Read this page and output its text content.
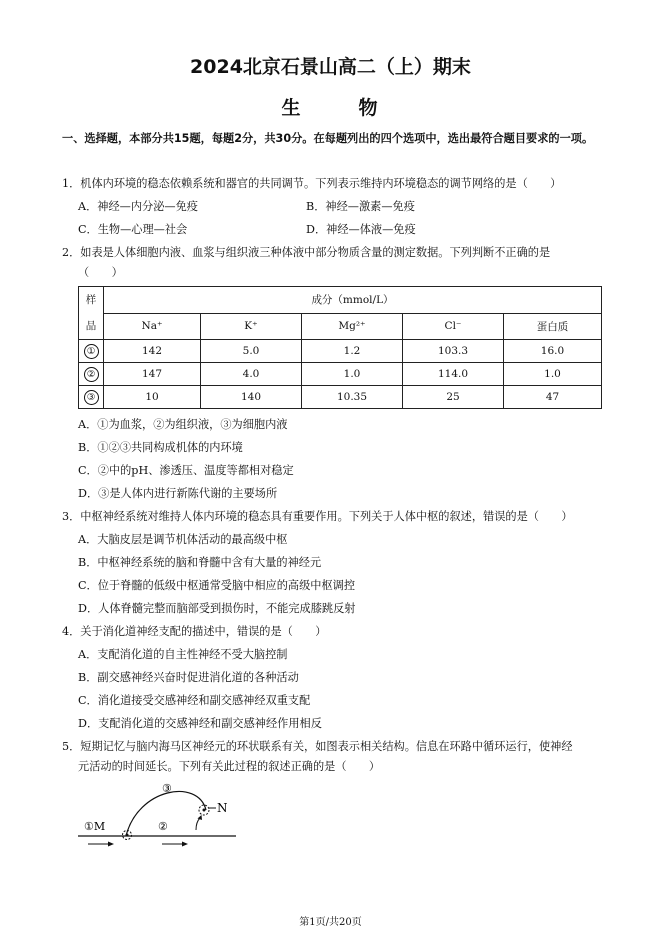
2024北京石景山高二（上）期末
生	物
一、选择题，本部分共15题，每题2分，共30分。在每题列出的四个选项中，选出最符合题目要求的一项。
1．机体内环境的稳态依赖系统和器官的共同调节。下列表示维持内环境稳态的调节网络的是（　　）
A．神经—内分泌—免疫	B．神经—激素—免疫
C．生物—心理—社会	D．神经—体液—免疫
2．如表是人体细胞内液、血浆与组织液三种体液中部分物质含量的测定数据。下列判断不正确的是
（　　）
样
品	成分（mmol/L）				
	Na⁺	K⁺	Mg²⁺	Cl⁻	蛋白质
①	142	5.0	1.2	103.3	16.0
②	147	4.0	1.0	114.0	1.0
③	10	140	10.35	25	47
A．①为血浆，②为组织液，③为细胞内液
B．①②③共同构成机体的内环境
C．②中的pH、渗透压、温度等都相对稳定
D．③是人体内进行新陈代谢的主要场所
3．中枢神经系统对维持人体内环境的稳态具有重要作用。下列关于人体中枢的叙述，错误的是（　　）
A．大脑皮层是调节机体活动的最高级中枢
B．中枢神经系统的脑和脊髓中含有大量的神经元
C．位于脊髓的低级中枢通常受脑中相应的高级中枢调控
D．人体脊髓完整而脑部受到损伤时，不能完成膝跳反射
4．关于消化道神经支配的描述中，错误的是（　　）
A．支配消化道的自主性神经不受大脑控制
B．副交感神经兴奋时促进消化道的各种活动
C．消化道接受交感神经和副交感神经双重支配
D．支配消化道的交感神经和副交感神经作用相反
5．短期记忆与脑内海马区神经元的环状联系有关，如图表示相关结构。信息在环路中循环运行，使神经
元活动的时间延长。下列有关此过程的叙述正确的是（　　）
N
①M	②
③
第1页/共20页
